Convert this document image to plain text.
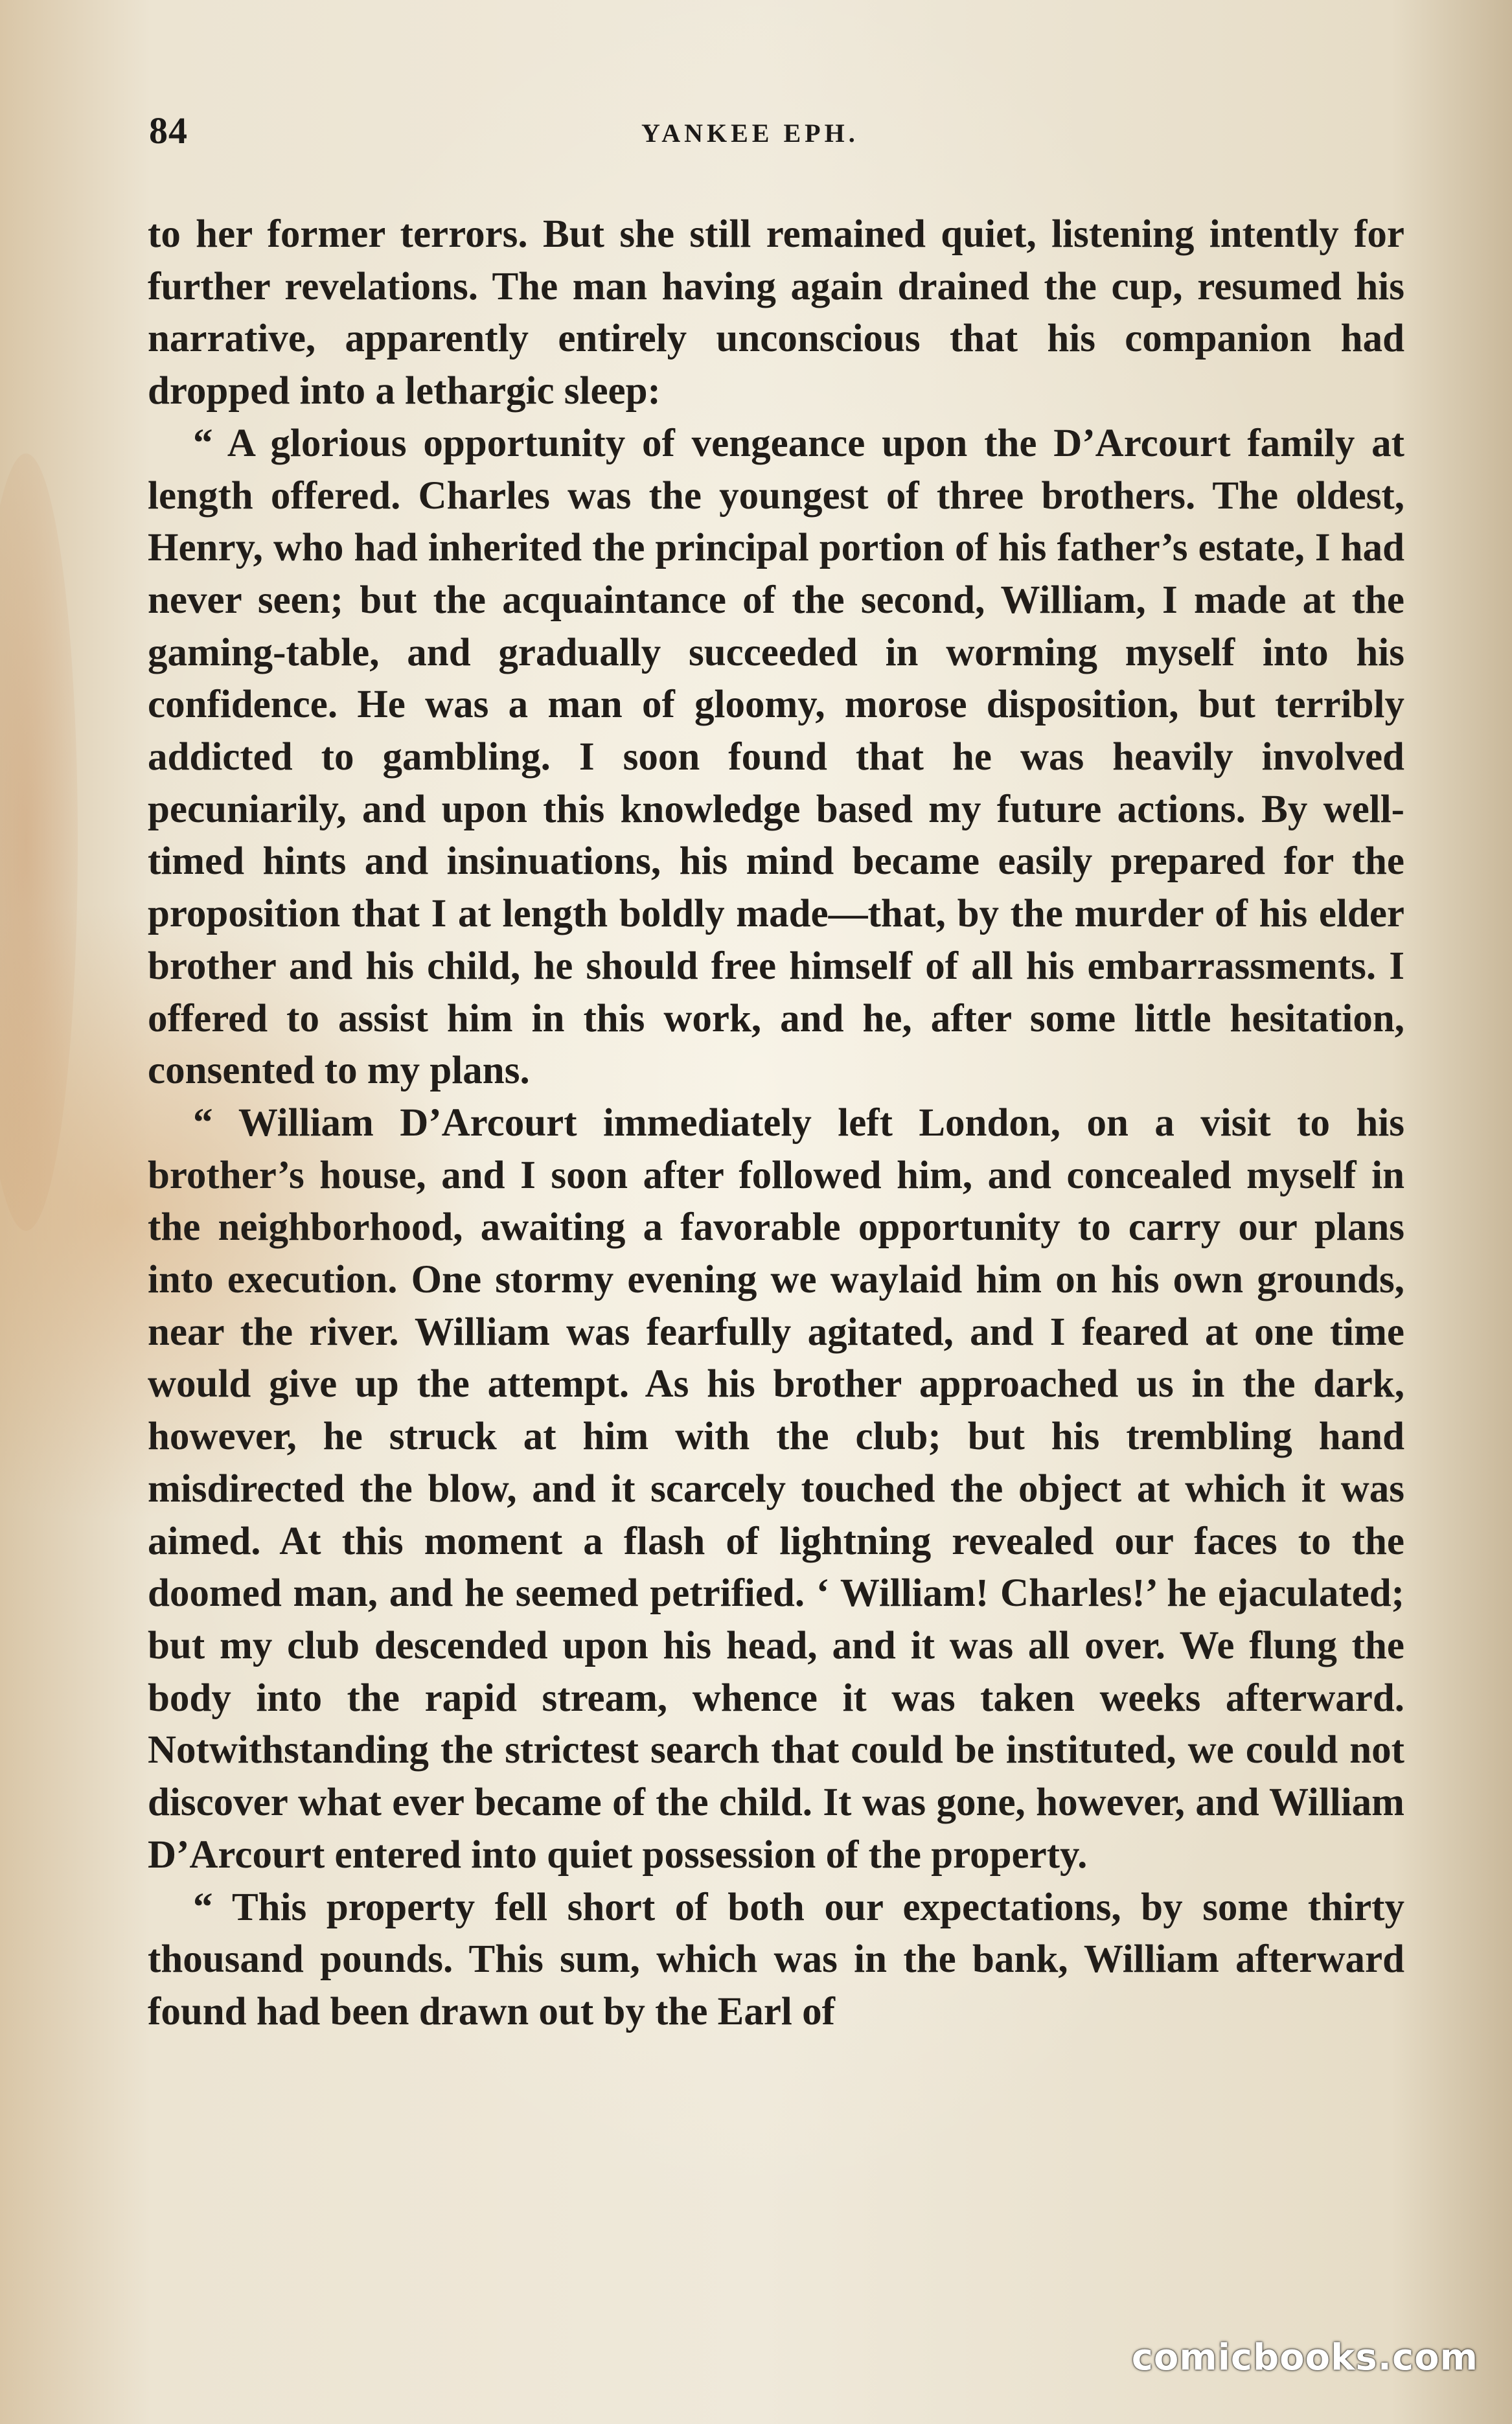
84	YANKEE EPH.

to her former terrors. But she still remained quiet, listening intently for further revelations. The man having again drained the cup, resumed his narrative, apparently entirely unconscious that his companion had dropped into a lethargic sleep:

“ A glorious opportunity of vengeance upon the D’Arcourt family at length offered. Charles was the youngest of three brothers. The oldest, Henry, who had inherited the principal portion of his father’s estate, I had never seen; but the acquaintance of the second, William, I made at the gaming-table, and gradually succeeded in worming myself into his confidence. He was a man of gloomy, morose disposition, but terribly addicted to gambling. I soon found that he was heavily involved pecuniarily, and upon this knowledge based my future actions. By well-timed hints and insinuations, his mind became easily prepared for the proposition that I at length boldly made—that, by the murder of his elder brother and his child, he should free himself of all his embarrassments. I offered to assist him in this work, and he, after some little hesitation, consented to my plans.

“ William D’Arcourt immediately left London, on a visit to his brother’s house, and I soon after followed him, and concealed myself in the neighborhood, awaiting a favorable opportunity to carry our plans into execution. One stormy evening we waylaid him on his own grounds, near the river. William was fearfully agitated, and I feared at one time would give up the attempt. As his brother approached us in the dark, however, he struck at him with the club; but his trembling hand misdirected the blow, and it scarcely touched the object at which it was aimed. At this moment a flash of lightning revealed our faces to the doomed man, and he seemed petrified. ‘ William! Charles!’ he ejaculated; but my club descended upon his head, and it was all over. We flung the body into the rapid stream, whence it was taken weeks afterward. Notwithstanding the strictest search that could be instituted, we could not discover what ever became of the child. It was gone, however, and William D’Arcourt entered into quiet possession of the property.

“ This property fell short of both our expectations, by some thirty thousand pounds. This sum, which was in the bank, William afterward found had been drawn out by the Earl of

comicbooks.com
